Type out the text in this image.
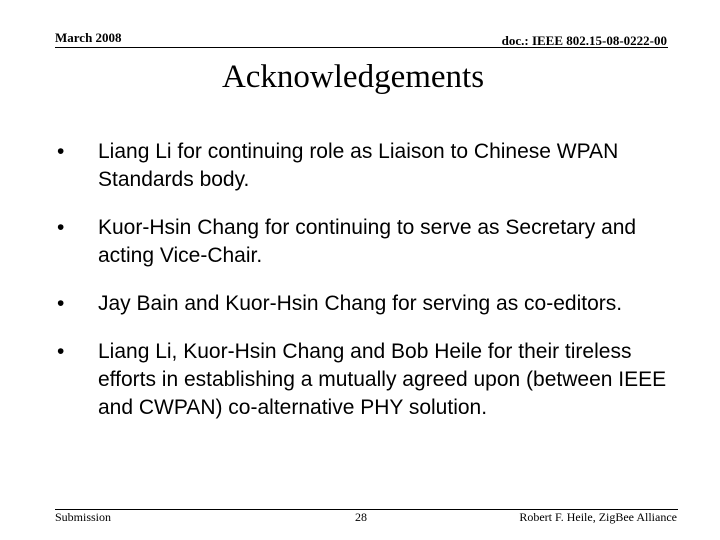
March 2008	doc.: IEEE 802.15-08-0222-00
Acknowledgements
• Liang Li for continuing role as Liaison to Chinese WPAN Standards body.
• Kuor-Hsin Chang for continuing to serve as Secretary and acting Vice-Chair.
• Jay Bain and Kuor-Hsin Chang for serving as co-editors.
• Liang Li, Kuor-Hsin Chang and Bob Heile for their tireless efforts in establishing a mutually agreed upon (between IEEE and CWPAN) co-alternative PHY solution.
Submission	28	Robert F. Heile, ZigBee Alliance
